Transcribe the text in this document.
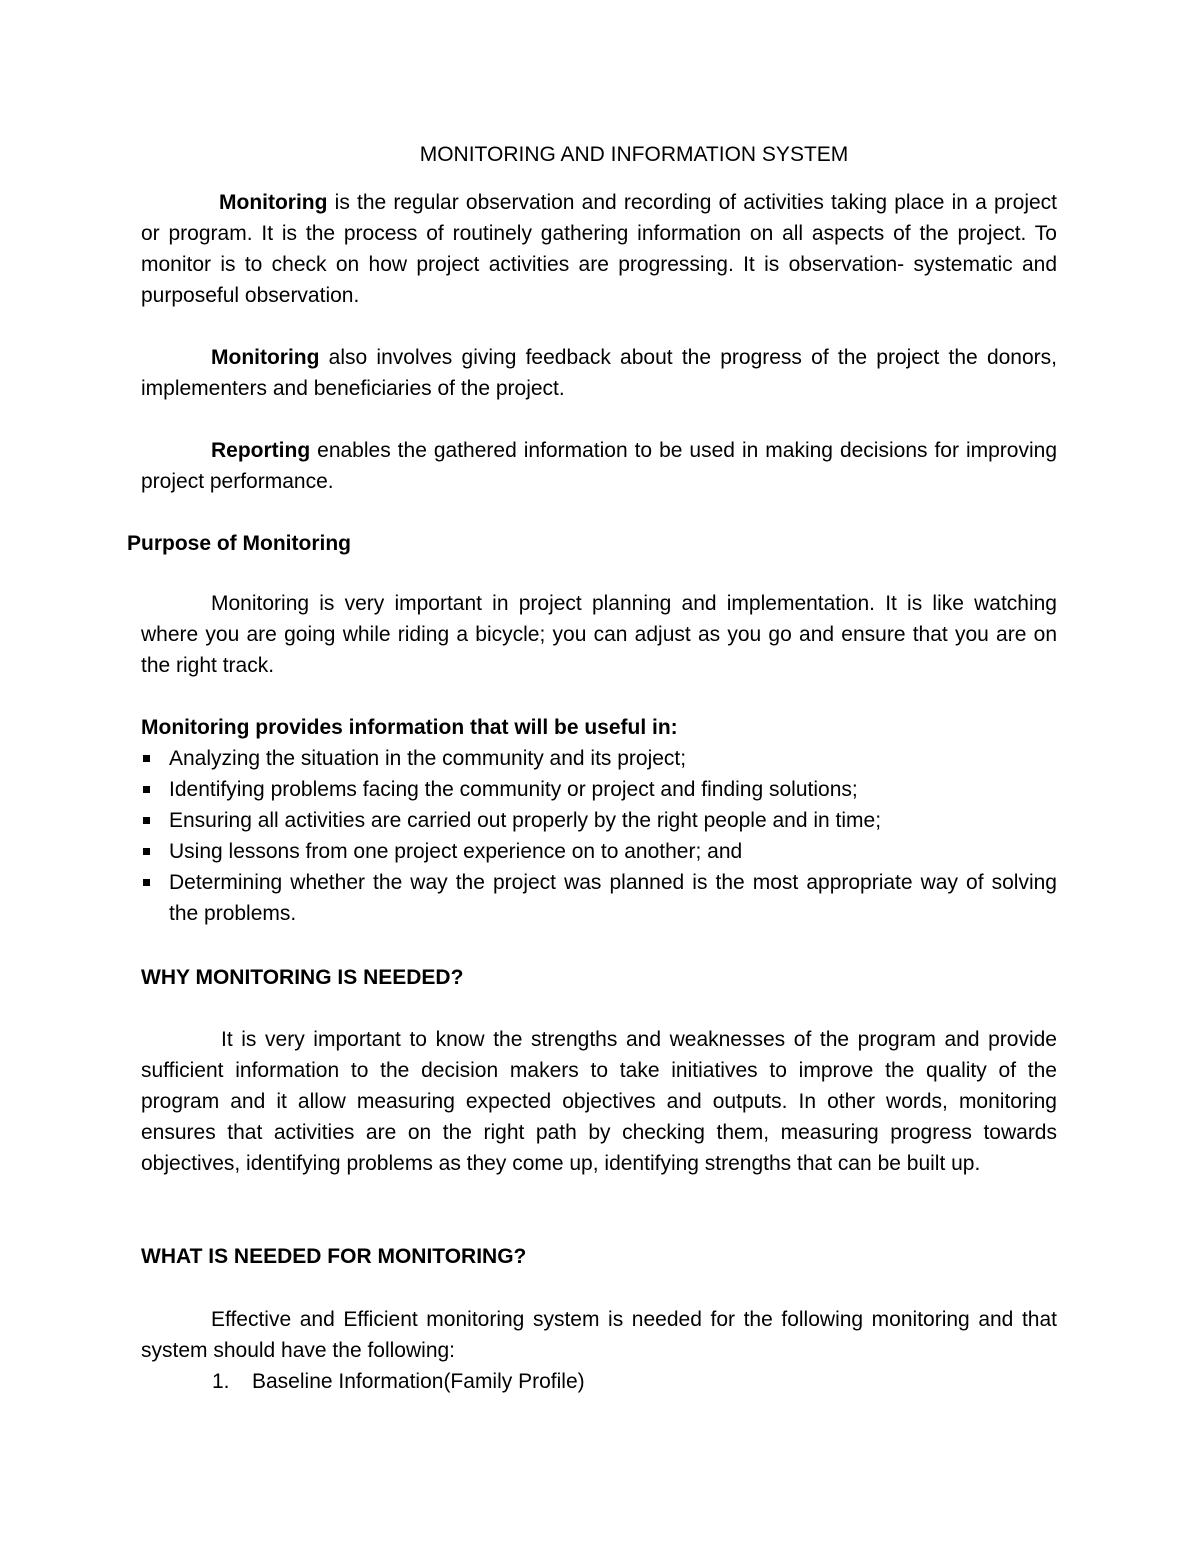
MONITORING AND INFORMATION SYSTEM

Monitoring is the regular observation and recording of activities taking place in a project or program. It is the process of routinely gathering information on all aspects of the project. To monitor is to check on how project activities are progressing. It is observation- systematic and purposeful observation.

Monitoring also involves giving feedback about the progress of the project the donors, implementers and beneficiaries of the project.

Reporting enables the gathered information to be used in making decisions for improving project performance.

Purpose of Monitoring

Monitoring is very important in project planning and implementation. It is like watching where you are going while riding a bicycle; you can adjust as you go and ensure that you are on the right track.

Monitoring provides information that will be useful in:
Analyzing the situation in the community and its project;
Identifying problems facing the community or project and finding solutions;
Ensuring all activities are carried out properly by the right people and in time;
Using lessons from one project experience on to another; and
Determining whether the way the project was planned is the most appropriate way of solving the problems.
WHY MONITORING IS NEEDED?

It is very important to know the strengths and weaknesses of the program and provide sufficient information to the decision makers to take initiatives to improve the quality of the program and it allow measuring expected objectives and outputs. In other words, monitoring ensures that activities are on the right path by checking them, measuring progress towards objectives, identifying problems as they come up, identifying strengths that can be built up.

WHAT IS NEEDED FOR MONITORING?

Effective and Efficient monitoring system is needed for the following monitoring and that system should have the following:

1. Baseline Information(Family Profile)
